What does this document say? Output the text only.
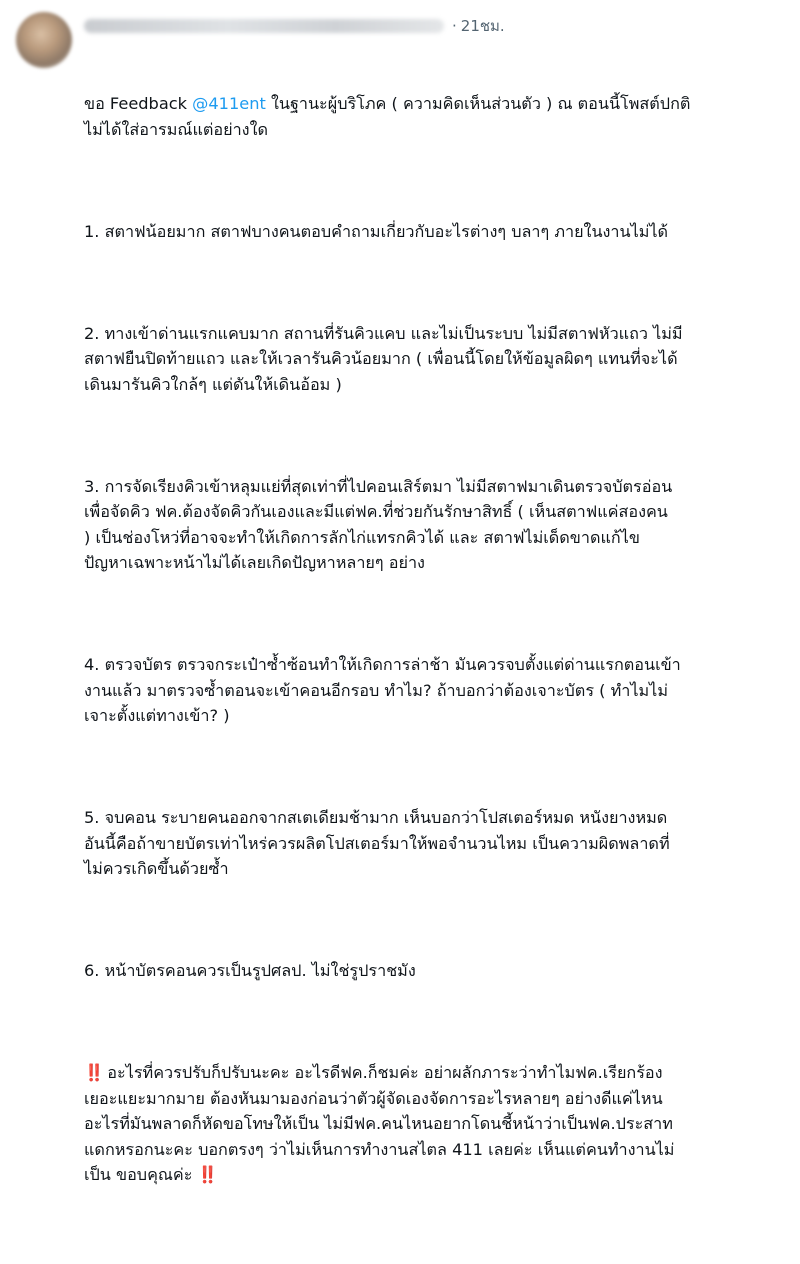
· 21ชม.

ขอ Feedback @411ent ในฐานะผู้บริโภค ( ความคิดเห็นส่วนตัว ) ณ ตอนนี้โพสต์ปกติ
ไม่ได้ใส่อารมณ์แต่อย่างใด

1. สตาฟน้อยมาก สตาฟบางคนตอบคำถามเกี่ยวกับอะไรต่างๆ บลาๆ ภายในงานไม่ได้

2. ทางเข้าด่านแรกแคบมาก สถานที่รันคิวแคบ และไม่เป็นระบบ ไม่มีสตาฟหัวแถว ไม่มี
สตาฟยืนปิดท้ายแถว และให้เวลารันคิวน้อยมาก ( เพื่อนนี้โดยให้ข้อมูลผิดๆ แทนที่จะได้
เดินมารันคิวใกล้ๆ แต่ดันให้เดินอ้อม )

3. การจัดเรียงคิวเข้าหลุมแย่ที่สุดเท่าที่ไปคอนเสิร์ตมา ไม่มีสตาฟมาเดินตรวจบัตรอ่อน
เพื่อจัดคิว ฟค.ต้องจัดคิวกันเองและมีแต่ฟค.ที่ช่วยกันรักษาสิทธิ์ ( เห็นสตาฟแค่สองคน
) เป็นช่องโหว่ที่อาจจะทำให้เกิดการลักไก่แทรกคิวได้ และ สตาฟไม่เด็ดขาดแก้ไข
ปัญหาเฉพาะหน้าไม่ได้เลยเกิดปัญหาหลายๆ อย่าง

4. ตรวจบัตร ตรวจกระเป๋าซ้ำซ้อนทำให้เกิดการล่าช้า มันควรจบตั้งแต่ด่านแรกตอนเข้า
งานแล้ว มาตรวจซ้ำตอนจะเข้าคอนอีกรอบ ทำไม? ถ้าบอกว่าต้องเจาะบัตร ( ทำไมไม่
เจาะตั้งแต่ทางเข้า? )

5. จบคอน ระบายคนออกจากสเตเดียมช้ามาก เห็นบอกว่าโปสเตอร์หมด หนังยางหมด
อันนี้คือถ้าขายบัตรเท่าไหร่ควรผลิตโปสเตอร์มาให้พอจำนวนไหม เป็นความผิดพลาดที่
ไม่ควรเกิดขึ้นด้วยซ้ำ

6. หน้าบัตรคอนควรเป็นรูปศลป. ไม่ใช่รูปราชมัง

‼️ อะไรที่ควรปรับก็ปรับนะคะ อะไรดีฟค.ก็ชมค่ะ อย่าผลักภาระว่าทำไมฟค.เรียกร้อง
เยอะแยะมากมาย ต้องหันมามองก่อนว่าตัวผู้จัดเองจัดการอะไรหลายๆ อย่างดีแค่ไหน
อะไรที่มันพลาดก็หัดขอโทษให้เป็น ไม่มีฟค.คนไหนอยากโดนชี้หน้าว่าเป็นฟค.ประสาท
แดกหรอกนะคะ บอกตรงๆ ว่าไม่เห็นการทำงานสไตล 411 เลยค่ะ เห็นแต่คนทำงานไม่
เป็น ขอบคุณค่ะ ‼️
